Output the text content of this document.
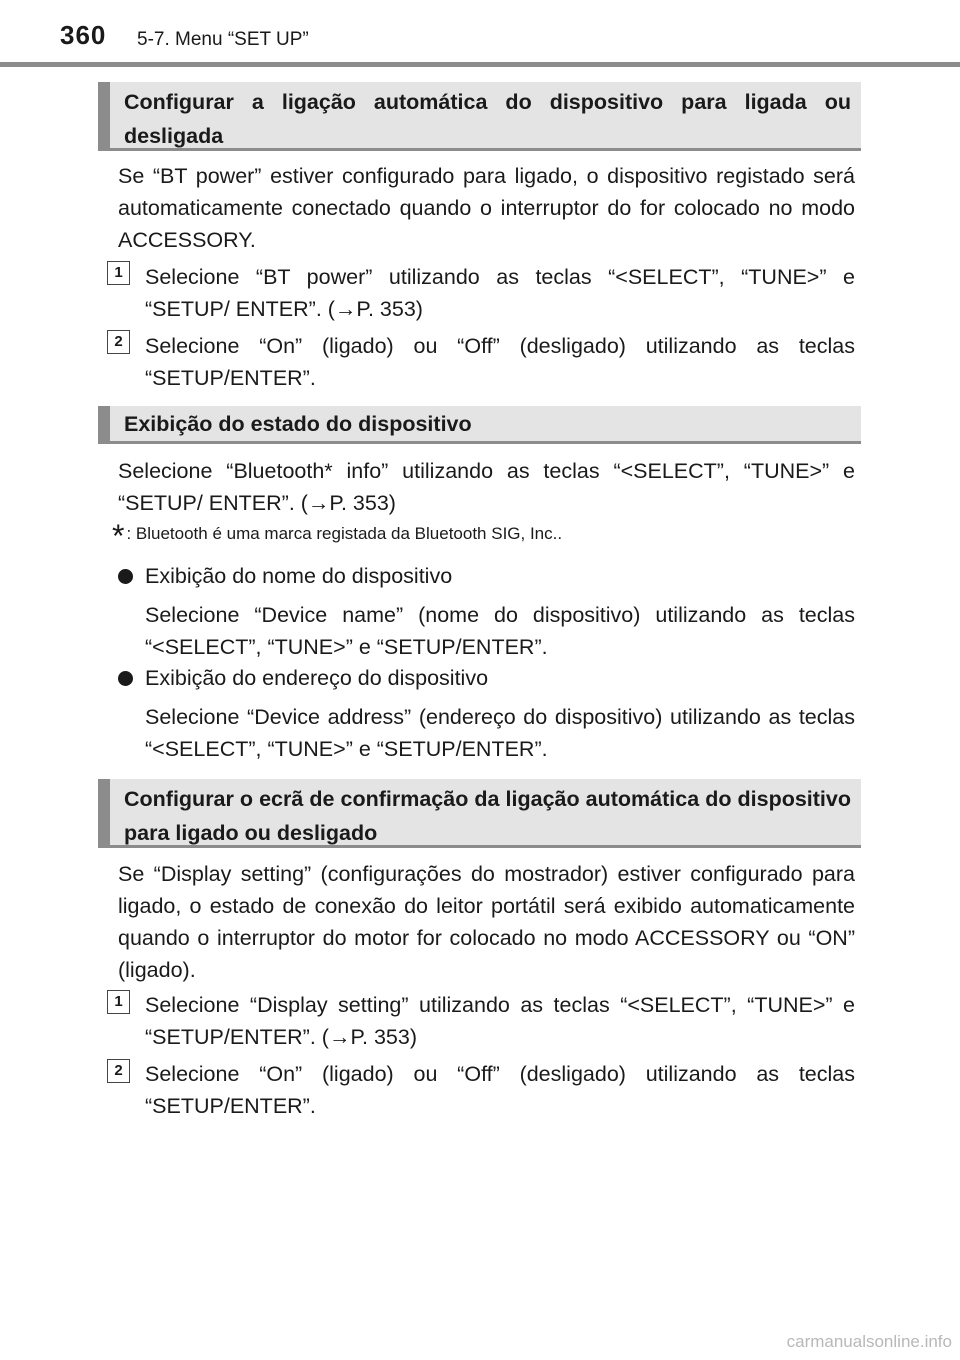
360 5-7. Menu “SET UP”
Configurar a ligação automática do dispositivo para ligada ou desligada
Se “BT power” estiver configurado para ligado, o dispositivo registado será automaticamente conectado quando o interruptor do for colocado no modo ACCESSORY.
1	Selecione “BT power” utilizando as teclas “<SELECT”, “TUNE>” e “SETUP/ ENTER”. (→P. 353)
2	Selecione “On” (ligado) ou “Off” (desligado) utilizando as teclas “SETUP/ENTER”.
Exibição do estado do dispositivo
Selecione “Bluetooth* info” utilizando as teclas “<SELECT”, “TUNE>” e “SETUP/ ENTER”. (→P. 353)
* : Bluetooth é uma marca registada da Bluetooth SIG, Inc..
Exibição do nome do dispositivo
Selecione “Device name” (nome do dispositivo) utilizando as teclas “<SELECT”, “TUNE>” e “SETUP/ENTER”.
Exibição do endereço do dispositivo
Selecione “Device address” (endereço do dispositivo) utilizando as teclas “<SELECT”, “TUNE>” e “SETUP/ENTER”.
Configurar o ecrã de confirmação da ligação automática do dispositivo para ligado ou desligado
Se “Display setting” (configurações do mostrador) estiver configurado para ligado, o estado de conexão do leitor portátil será exibido automaticamente quando o interruptor do motor for colocado no modo ACCESSORY ou “ON” (ligado).
1	Selecione “Display setting” utilizando as teclas “<SELECT”, “TUNE>” e “SETUP/ENTER”. (→P. 353)
2	Selecione “On” (ligado) ou “Off” (desligado) utilizando as teclas “SETUP/ENTER”.
carmanualsonline.info
